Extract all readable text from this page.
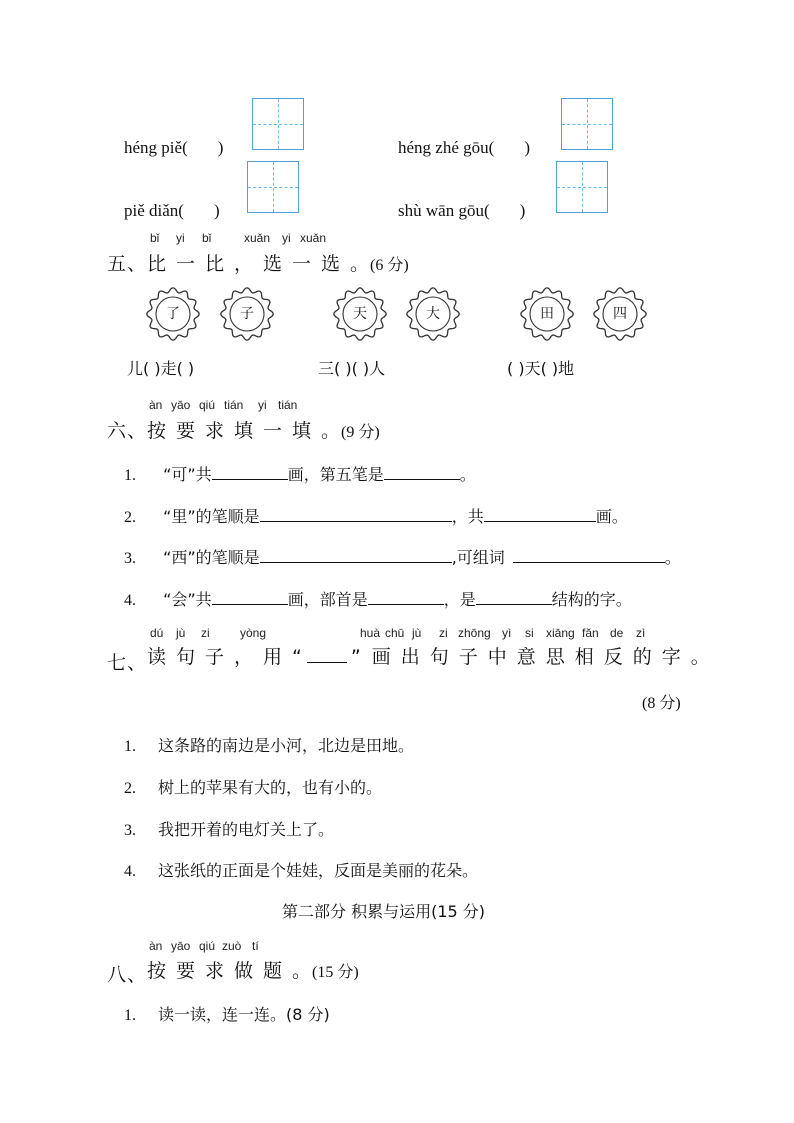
héng piě( )	héng zhé gōu( )
piě diǎn( )	shù wān gōu( )
bǐ yi bǐ	xuǎn yi xuǎn
五、比一比，选一选。(6 分)
了	子	天	大	田	四
儿( )走( )	三( )( )人	( )天( )地
àn yāo qiú tián yi tián
六、按要求填一填。(9 分)
1. “可”共	画，第五笔是	。
2. “里”的笔顺是	，共	画。
3. “西”的笔顺是	,可组词	。
4. “会”共	画，部首是	，是	结构的字。
dú jù zi	yòng	huà chū jù zi zhōng yì si xiāng fǎn de zì
七、读句子，用“	” 画出句子中意思相反的字。
(8 分)
1. 这条路的南边是小河，北边是田地。
2. 树上的苹果有大的，也有小的。
3. 我把开着的电灯关上了。
4. 这张纸的正面是个娃娃，反面是美丽的花朵。
第二部分 积累与运用(15 分)
àn yāo qiú zuò tí
八、按要求做题。(15 分)
1. 读一读，连一连。(8 分)
